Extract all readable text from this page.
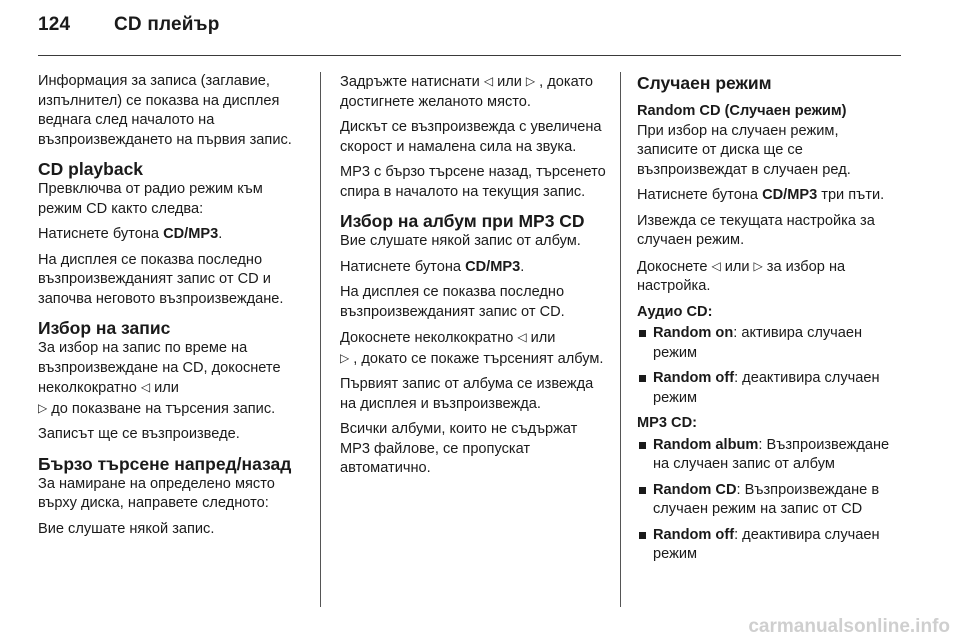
124 CD плейър

Информация за записа (заглавие, изпълнител) се показва на дисплея веднага след началото на възпроизвеждането на първия запис.

CD playback

Превключва от радио режим към режим CD както следва:

Натиснете бутона CD/MP3.

На дисплея се показва последно възпроизвежданият запис от CD и започва неговото възпроизвеждане.

Избор на запис

За избор на запис по време на възпроизвеждане на CD, докоснете неколкократно ◁ или
▷ до показване на търсения запис.

Записът ще се възпроизведе.

Бързо търсене напред/назад

За намиране на определено място върху диска, направете следното:

Вие слушате някой запис.

Задръжте натиснати ◁ или ▷ , докато достигнете желаното място.

Дискът се възпроизвежда с увеличена скорост и намалена сила на звука.

MP3 с бързо търсене назад, търсенето спира в началото на текущия запис.

Избор на албум при MP3 CD

Вие слушате някой запис от албум.

Натиснете бутона CD/MP3.

На дисплея се показва последно възпроизвежданият запис от CD.

Докоснете неколкократно ◁ или
▷ , докато се покаже търсеният албум.

Първият запис от албума се извежда на дисплея и възпроизвежда.

Всички албуми, които не съдържат MP3 файлове, се пропускат автоматично.

Случаен режим
Random CD (Случаен режим)

При избор на случаен режим, записите от диска ще се възпроизвеждат в случаен ред.

Натиснете бутона CD/MP3 три пъти.

Извежда се текущата настройка за случаен режим.

Докоснете ◁ или ▷ за избор на настройка.

Аудио CD:
Random on: активира случаен режим
Random off: деактивира случаен режим
MP3 CD:
Random album: Възпроизвеждане на случаен запис от албум
Random CD: Възпроизвеждане в случаен режим на запис от CD
Random off: деактивира случаен режим
carmanualsonline.info
